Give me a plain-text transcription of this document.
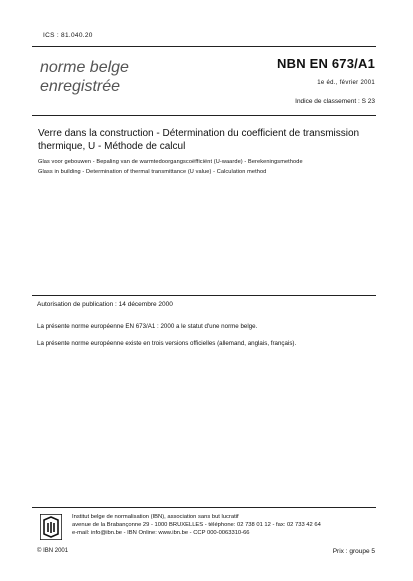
ICS : 81.040.20
norme belge
enregistrée
NBN EN 673/A1
1e éd., février 2001
Indice de classement : S 23
Verre dans la construction - Détermination du coefficient de transmission thermique, U - Méthode de calcul
Glas voor gebouwen - Bepaling van de warmtedoorgangscoëfficiënt (U-waarde) - Berekeningsmethode
Glass in building - Determination of thermal transmittance (U value) - Calculation method
Autorisation de publication : 14 décembre 2000
La présente norme européenne EN 673/A1 : 2000 a le statut d'une norme belge.
La présente norme européenne existe en trois versions officielles (allemand, anglais, français).
Institut belge de normalisation (IBN), association sans but lucratif
avenue de la Brabançonne 29 - 1000 BRUXELLES - téléphone: 02 738 01 12 - fax: 02 733 42 64
e-mail: info@ibn.be - IBN Online: www.ibn.be - CCP 000-0063310-66
© IBN 2001	Prix : groupe 5
